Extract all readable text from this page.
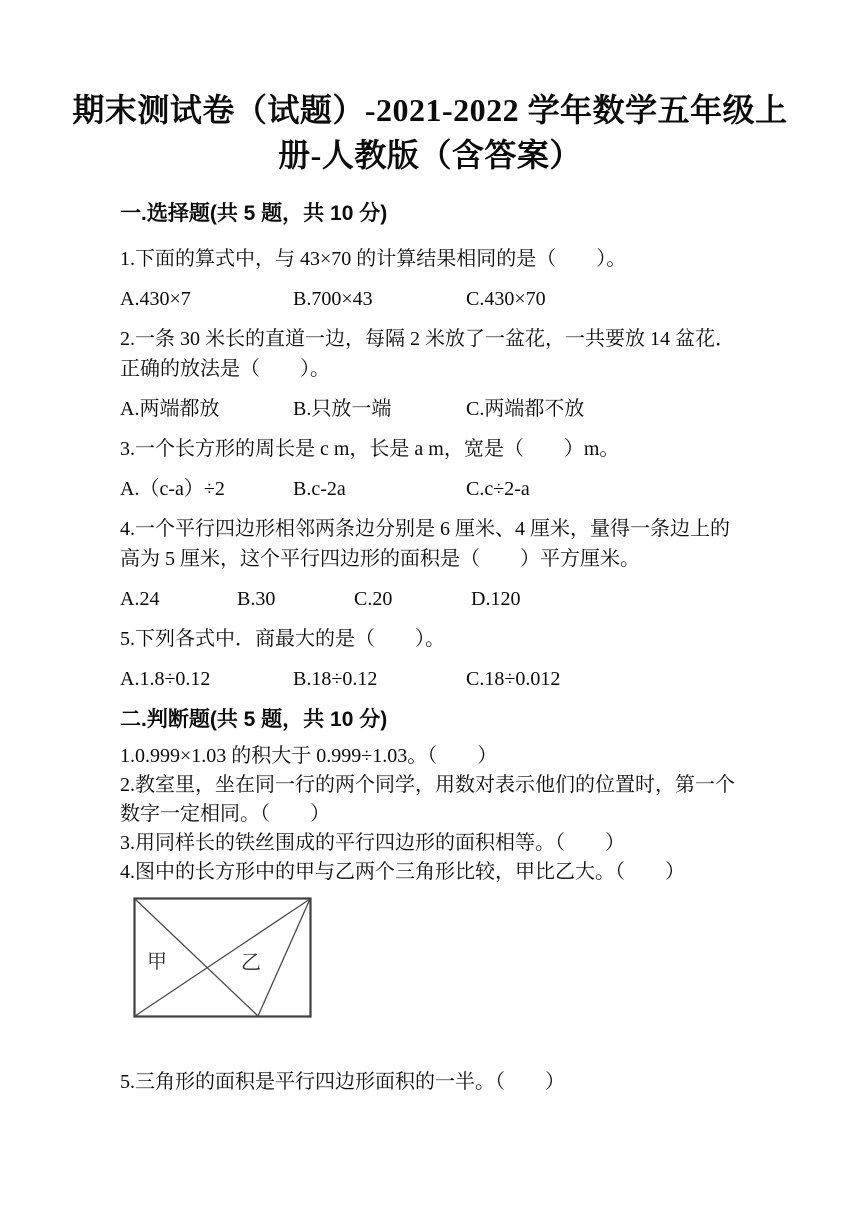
期末测试卷（试题）-2021-2022 学年数学五年级上册-人教版（含答案）
一.选择题(共 5 题，共 10 分)

1.下面的算式中，与 43×70 的计算结果相同的是（　　）。

A.430×7	B.700×43	C.430×70

2.一条 30 米长的直道一边，每隔 2 米放了一盆花，一共要放 14 盆花．正确的放法是（　　）。

A.两端都放	B.只放一端	C.两端都不放

3.一个长方形的周长是 c m，长是 a m，宽是（　　）m。

A.（c-a）÷2	B.c-2a	C.c÷2-a

4.一个平行四边形相邻两条边分别是 6 厘米、4 厘米，量得一条边上的高为 5 厘米，这个平行四边形的面积是（　　）平方厘米。

A.24	B.30	C.20	D.120

5.下列各式中．商最大的是（　　）。

A.1.8÷0.12	B.18÷0.12	C.18÷0.012

二.判断题(共 5 题，共 10 分)

1.0.999×1.03 的积大于 0.999÷1.03。（　　）

2.教室里，坐在同一行的两个同学，用数对表示他们的位置时，第一个数字一定相同。（　　）

3.用同样长的铁丝围成的平行四边形的面积相等。（　　）

4.图中的长方形中的甲与乙两个三角形比较，甲比乙大。（　　）

甲	乙

5.三角形的面积是平行四边形面积的一半。（　　）
